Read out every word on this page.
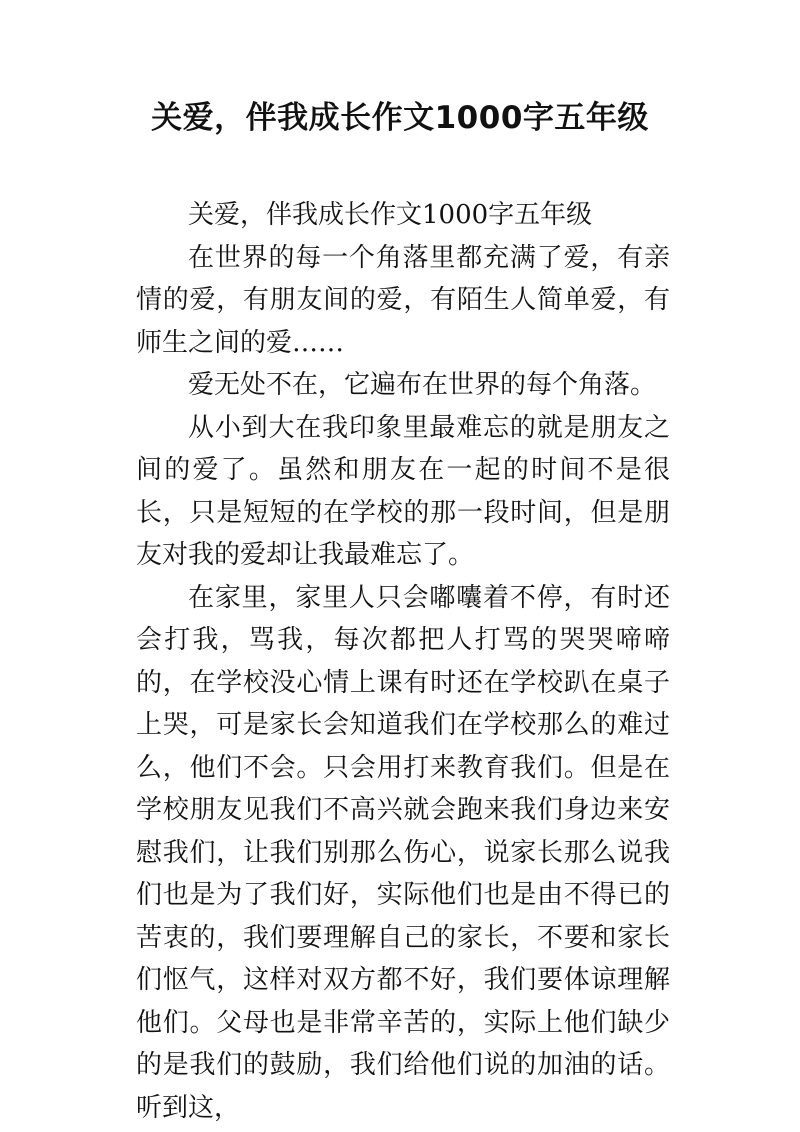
关爱，伴我成长作文1000字五年级

关爱，伴我成长作文1000字五年级

在世界的每一个角落里都充满了爱，有亲情的爱，有朋友间的爱，有陌生人简单爱，有师生之间的爱……

爱无处不在，它遍布在世界的每个角落。

从小到大在我印象里最难忘的就是朋友之间的爱了。虽然和朋友在一起的时间不是很长，只是短短的在学校的那一段时间，但是朋友对我的爱却让我最难忘了。

在家里，家里人只会嘟囔着不停，有时还会打我，骂我，每次都把人打骂的哭哭啼啼的，在学校没心情上课有时还在学校趴在桌子上哭，可是家长会知道我们在学校那么的难过么，他们不会。只会用打来教育我们。但是在学校朋友见我们不高兴就会跑来我们身边来安慰我们，让我们别那么伤心，说家长那么说我们也是为了我们好，实际他们也是由不得已的苦衷的，我们要理解自己的家长，不要和家长们怄气，这样对双方都不好，我们要体谅理解他们。父母也是非常辛苦的，实际上他们缺少的是我们的鼓励，我们给他们说的加油的话。听到这，
